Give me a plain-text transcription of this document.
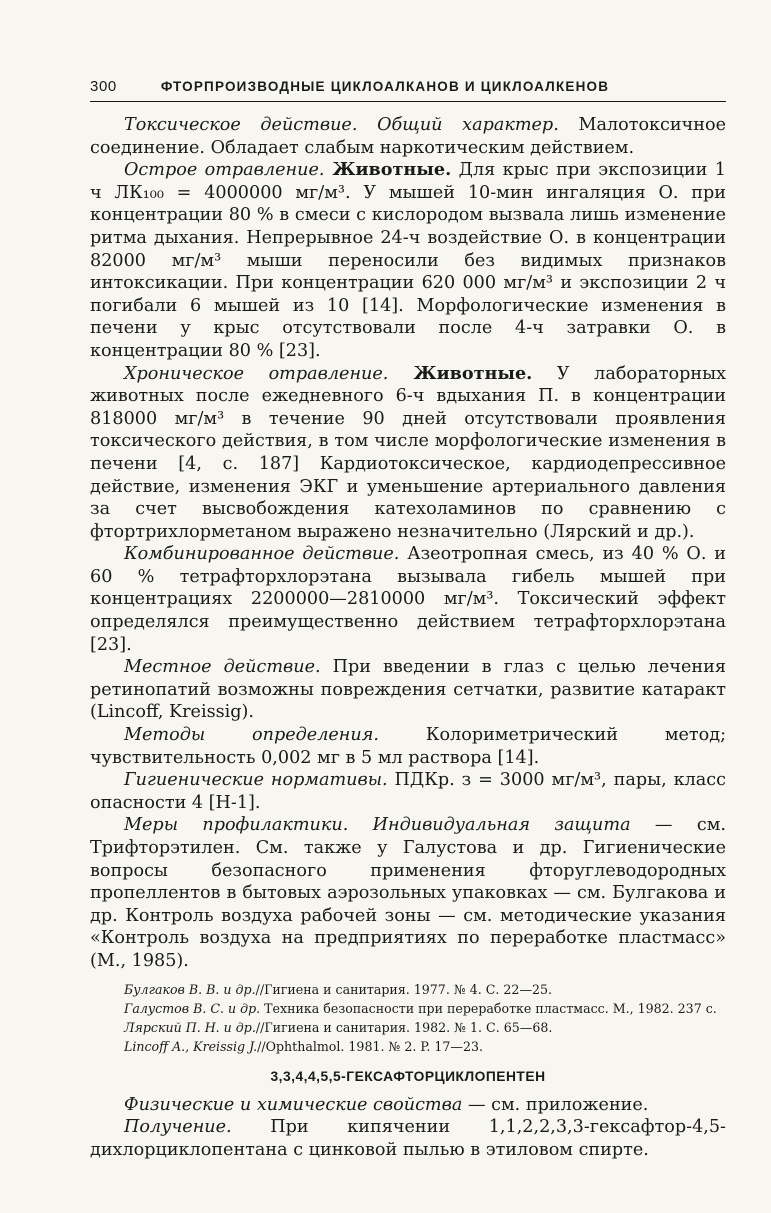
300	ФТОРПРОИЗВОДНЫЕ ЦИКЛОАЛКАНОВ И ЦИКЛОАЛКЕНОВ

Токсическое действие. Общий характер. Малотоксичное соединение. Обладает слабым наркотическим действием.

Острое отравление. Животные. Для крыс при экспозиции 1 ч ЛК₁₀₀ = 4000000 мг/м³. У мышей 10-мин ингаляция О. при концентрации 80 % в смеси с кислородом вызвала лишь изменение ритма дыхания. Непрерывное 24-ч воздействие О. в концентрации 82000 мг/м³ мыши переносили без видимых признаков интоксикации. При концентрации 620 000 мг/м³ и экспозиции 2 ч погибали 6 мышей из 10 [14]. Морфологические изменения в печени у крыс отсутствовали после 4-ч затравки О. в концентрации 80 % [23].

Хроническое отравление. Животные. У лабораторных животных после ежедневного 6-ч вдыхания П. в концентрации 818000 мг/м³ в течение 90 дней отсутствовали проявления токсического действия, в том числе морфологические изменения в печени [4, с. 187] Кардиотоксическое, кардиодепрессивное действие, изменения ЭКГ и уменьшение артериального давления за счет высвобождения катехоламинов по сравнению с фтортрихлорметаном выражено незначительно (Лярский и др.).

Комбинированное действие. Азеотропная смесь, из 40 % О. и 60 % тетрафторхлорэтана вызывала гибель мышей при концентрациях 2200000—2810000 мг/м³. Токсический эффект определялся преимущественно действием тетрафторхлорэтана [23].

Местное действие. При введении в глаз с целью лечения ретинопатий возможны повреждения сетчатки, развитие катаракт (Lincoff, Kreissig).

Методы определения. Колориметрический метод; чувствительность 0,002 мг в 5 мл раствора [14].

Гигиенические нормативы. ПДКр. з = 3000 мг/м³, пары, класс опасности 4 [Н-1].

Меры профилактики. Индивидуальная защита — см. Трифторэтилен. См. также у Галустова и др. Гигиенические вопросы безопасного применения фторуглеводородных пропеллентов в бытовых аэрозольных упаковках — см. Булгакова и др. Контроль воздуха рабочей зоны — см. методические указания «Контроль воздуха на предприятиях по переработке пластмасс» (М., 1985).

Булгаков В. В. и др.//Гигиена и санитария. 1977. № 4. С. 22—25.

Галустов В. С. и др. Техника безопасности при переработке пластмасс. М., 1982. 237 с.

Лярский П. Н. и др.//Гигиена и санитария. 1982. № 1. С. 65—68.

Lincoff A., Kreissig J.//Ophthalmol. 1981. № 2. P. 17—23.

3,3,4,4,5,5-ГЕКСАФТОРЦИКЛОПЕНТЕН

Физические и химические свойства — см. приложение.

Получение. При кипячении 1,1,2,2,3,3-гексафтор-4,5-дихлорциклопентана с цинковой пылью в этиловом спирте.
